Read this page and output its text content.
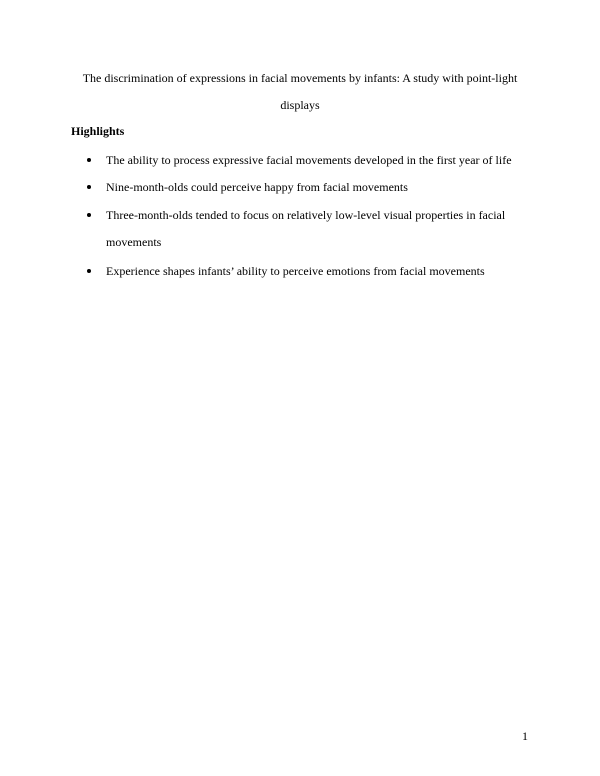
The discrimination of expressions in facial movements by infants: A study with point-light
displays
Highlights
The ability to process expressive facial movements developed in the first year of life
Nine-month-olds could perceive happy from facial movements
Three-month-olds tended to focus on relatively low-level visual properties in facial movements
Experience shapes infants’ ability to perceive emotions from facial movements
1
